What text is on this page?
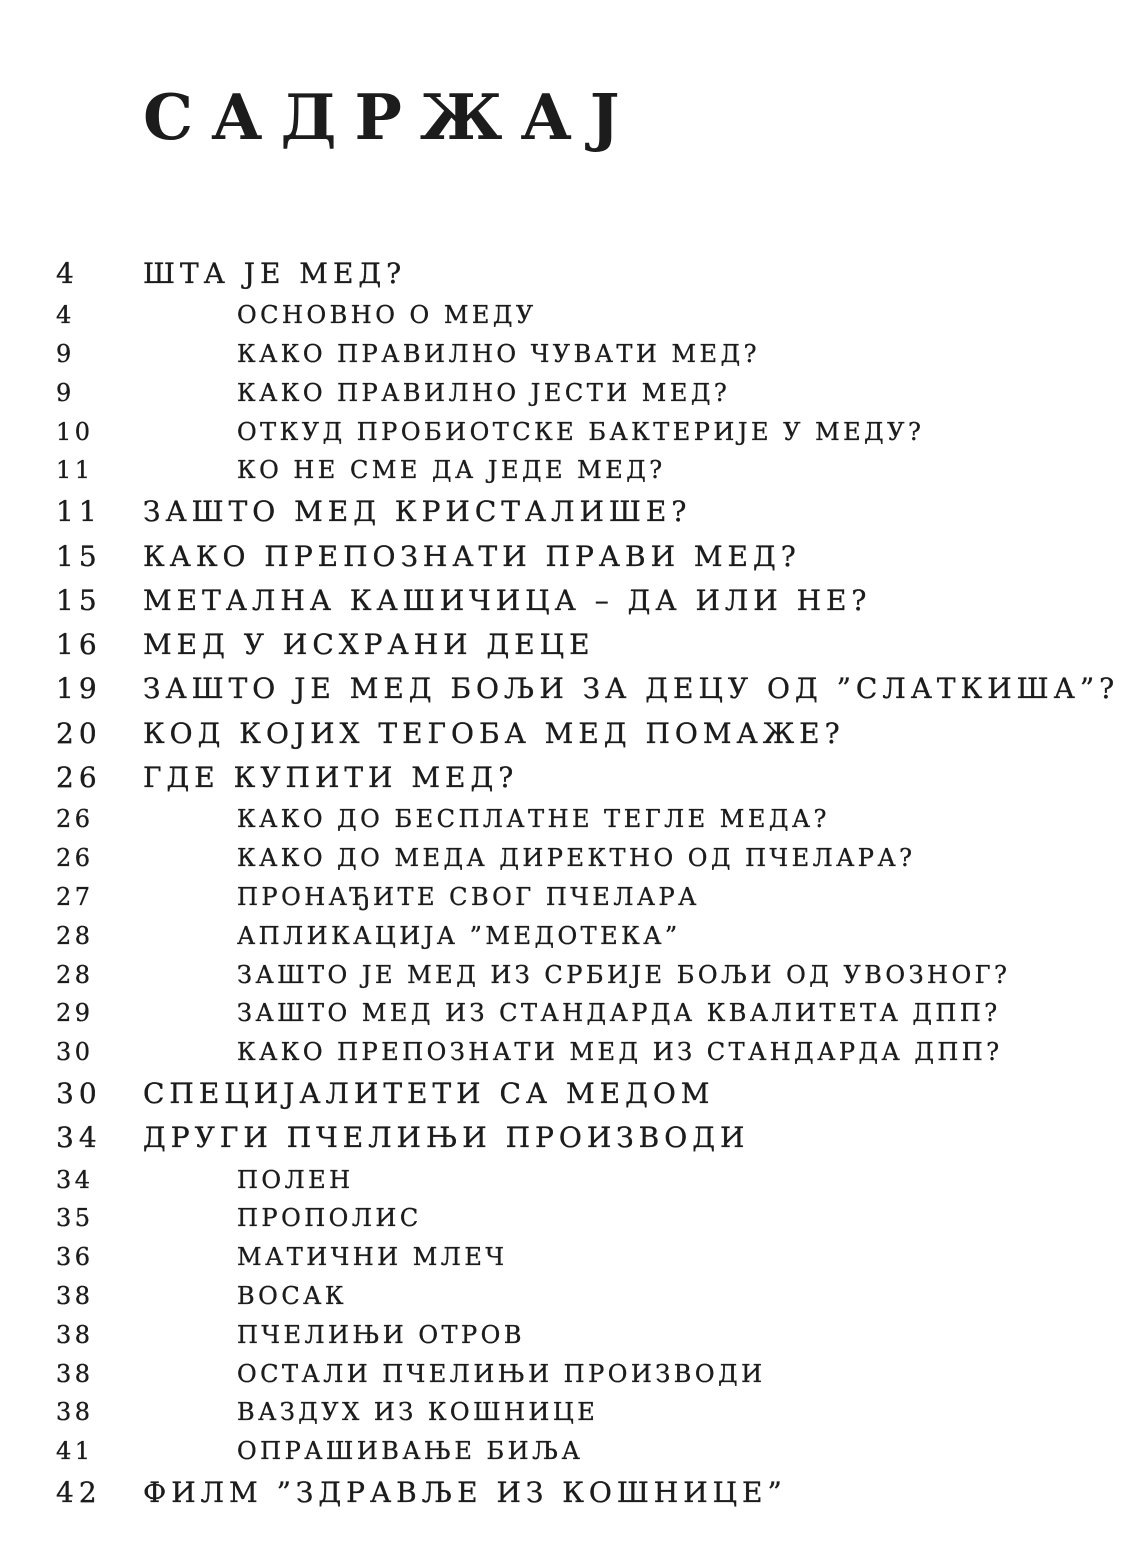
САДРЖАЈ
4	ШТА ЈЕ МЕД?
4	ОСНОВНО О МЕДУ
9	КАКО ПРАВИЛНО ЧУВАТИ МЕД?
9	КАКО ПРАВИЛНО ЈЕСТИ МЕД?
10	ОТКУД ПРОБИОТСКЕ БАКТЕРИЈЕ У МЕДУ?
11	КО НЕ СМЕ ДА ЈЕДЕ МЕД?
11	ЗАШТО МЕД КРИСТАЛИШЕ?
15	КАКО ПРЕПОЗНАТИ ПРАВИ МЕД?
15	МЕТАЛНА КАШИЧИЦА – ДА ИЛИ НЕ?
16	МЕД У ИСХРАНИ ДЕЦЕ
19	ЗАШТО ЈЕ МЕД БОЉИ ЗА ДЕЦУ ОД ”СЛАТКИША”?
20	КОД КОЈИХ ТЕГОБА МЕД ПОМАЖЕ?
26	ГДЕ КУПИТИ МЕД?
26	КАКО ДО БЕСПЛАТНЕ ТЕГЛЕ МЕДА?
26	КАКО ДО МЕДА ДИРЕКТНО ОД ПЧЕЛАРА?
27	ПРОНАЂИТЕ СВОГ ПЧЕЛАРА
28	АПЛИКАЦИЈА ”МЕДОТЕКА”
28	ЗАШТО ЈЕ МЕД ИЗ СРБИЈЕ БОЉИ ОД УВОЗНОГ?
29	ЗАШТО МЕД ИЗ СТАНДАРДА КВАЛИТЕТА ДПП?
30	КАКО ПРЕПОЗНАТИ МЕД ИЗ СТАНДАРДА ДПП?
30	СПЕЦИЈАЛИТЕТИ СА МЕДОМ
34	ДРУГИ ПЧЕЛИЊИ ПРОИЗВОДИ
34	ПОЛЕН
35	ПРОПОЛИС
36	МАТИЧНИ МЛЕЧ
38	ВОСАК
38	ПЧЕЛИЊИ ОТРОВ
38	ОСТАЛИ ПЧЕЛИЊИ ПРОИЗВОДИ
38	ВАЗДУХ ИЗ КОШНИЦЕ
41	ОПРАШИВАЊЕ БИЉА
42	ФИЛМ ”ЗДРАВЉЕ ИЗ КОШНИЦЕ”
